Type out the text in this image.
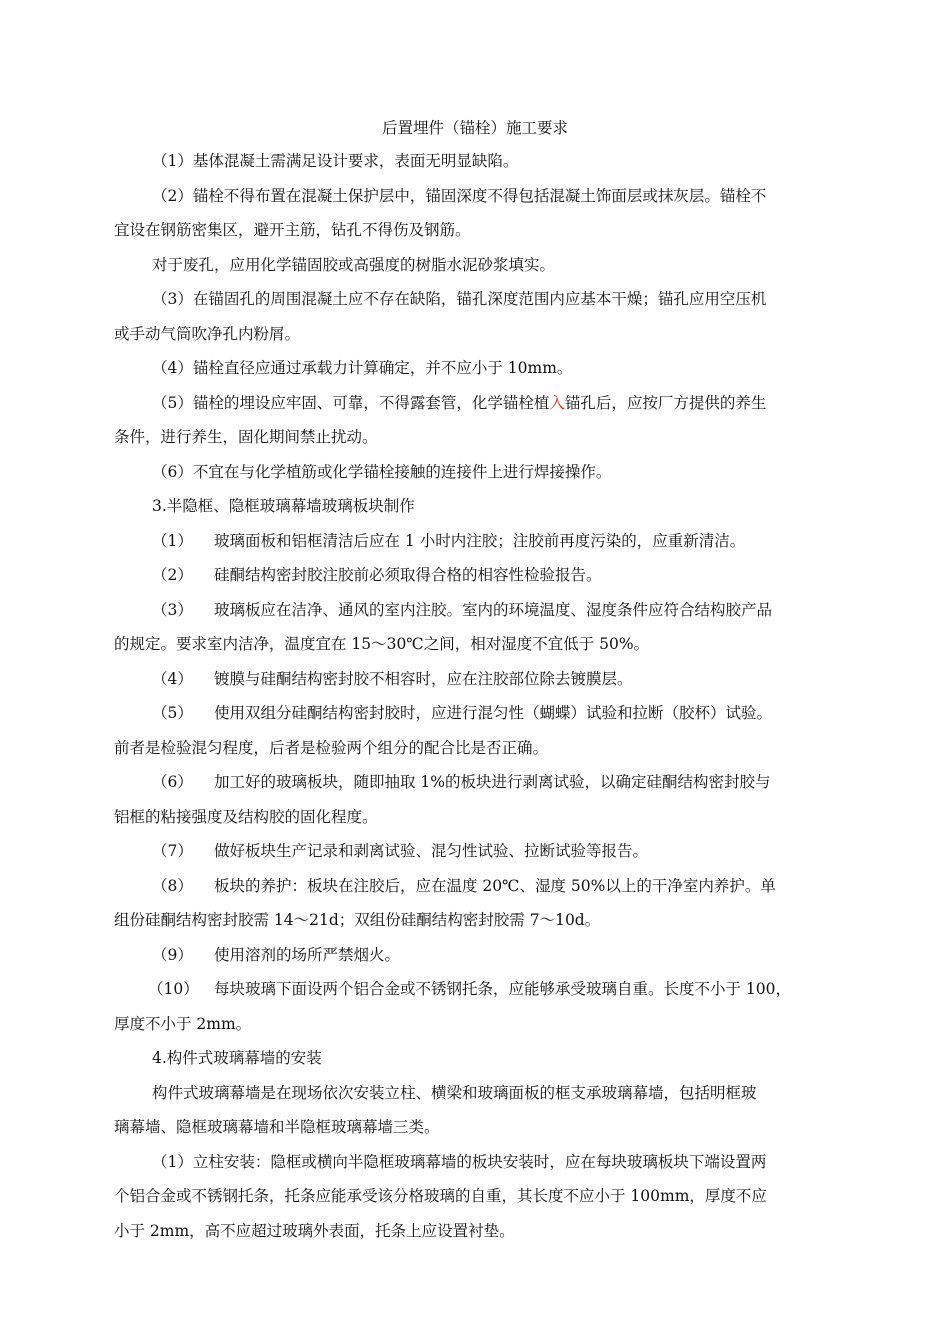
后置埋件（锚栓）施工要求
（1）基体混凝土需满足设计要求，表面无明显缺陷。
（2）锚栓不得布置在混凝土保护层中，锚固深度不得包括混凝土饰面层或抹灰层。锚栓不
宜设在钢筋密集区，避开主筋，钻孔不得伤及钢筋。
对于废孔，应用化学锚固胶或高强度的树脂水泥砂浆填实。
（3）在锚固孔的周围混凝土应不存在缺陷，锚孔深度范围内应基本干燥；锚孔应用空压机
或手动气筒吹净孔内粉屑。
（4）锚栓直径应通过承载力计算确定，并不应小于 10mm。
（5）锚栓的埋设应牢固、可靠，不得露套管，化学锚栓植入锚孔后，应按厂方提供的养生
条件，进行养生，固化期间禁止扰动。
（6）不宜在与化学植筋或化学锚栓接触的连接件上进行焊接操作。
3.半隐框、隐框玻璃幕墙玻璃板块制作
（1） 玻璃面板和铝框清洁后应在 1 小时内注胶；注胶前再度污染的，应重新清洁。
（2） 硅酮结构密封胶注胶前必须取得合格的相容性检验报告。
（3） 玻璃板应在洁净、通风的室内注胶。室内的环境温度、湿度条件应符合结构胶产品
的规定。要求室内洁净，温度宜在 15～30℃之间，相对湿度不宜低于 50%。
（4） 镀膜与硅酮结构密封胶不相容时，应在注胶部位除去镀膜层。
（5） 使用双组分硅酮结构密封胶时，应进行混匀性（蝴蝶）试验和拉断（胶杯）试验。
前者是检验混匀程度，后者是检验两个组分的配合比是否正确。
（6） 加工好的玻璃板块，随即抽取 1%的板块进行剥离试验，以确定硅酮结构密封胶与
铝框的粘接强度及结构胶的固化程度。
（7） 做好板块生产记录和剥离试验、混匀性试验、拉断试验等报告。
（8） 板块的养护：板块在注胶后，应在温度 20℃、湿度 50%以上的干净室内养护。单
组份硅酮结构密封胶需 14～21d；双组份硅酮结构密封胶需 7～10d。
（9） 使用溶剂的场所严禁烟火。
（10） 每块玻璃下面设两个铝合金或不锈钢托条，应能够承受玻璃自重。长度不小于 100，
厚度不小于 2mm。
4.构件式玻璃幕墙的安装
构件式玻璃幕墙是在现场依次安装立柱、横梁和玻璃面板的框支承玻璃幕墙，包括明框玻
璃幕墙、隐框玻璃幕墙和半隐框玻璃幕墙三类。
（1）立柱安装：隐框或横向半隐框玻璃幕墙的板块安装时，应在每块玻璃板块下端设置两
个铝合金或不锈钢托条，托条应能承受该分格玻璃的自重，其长度不应小于 100mm，厚度不应
小于 2mm，高不应超过玻璃外表面，托条上应设置衬垫。
